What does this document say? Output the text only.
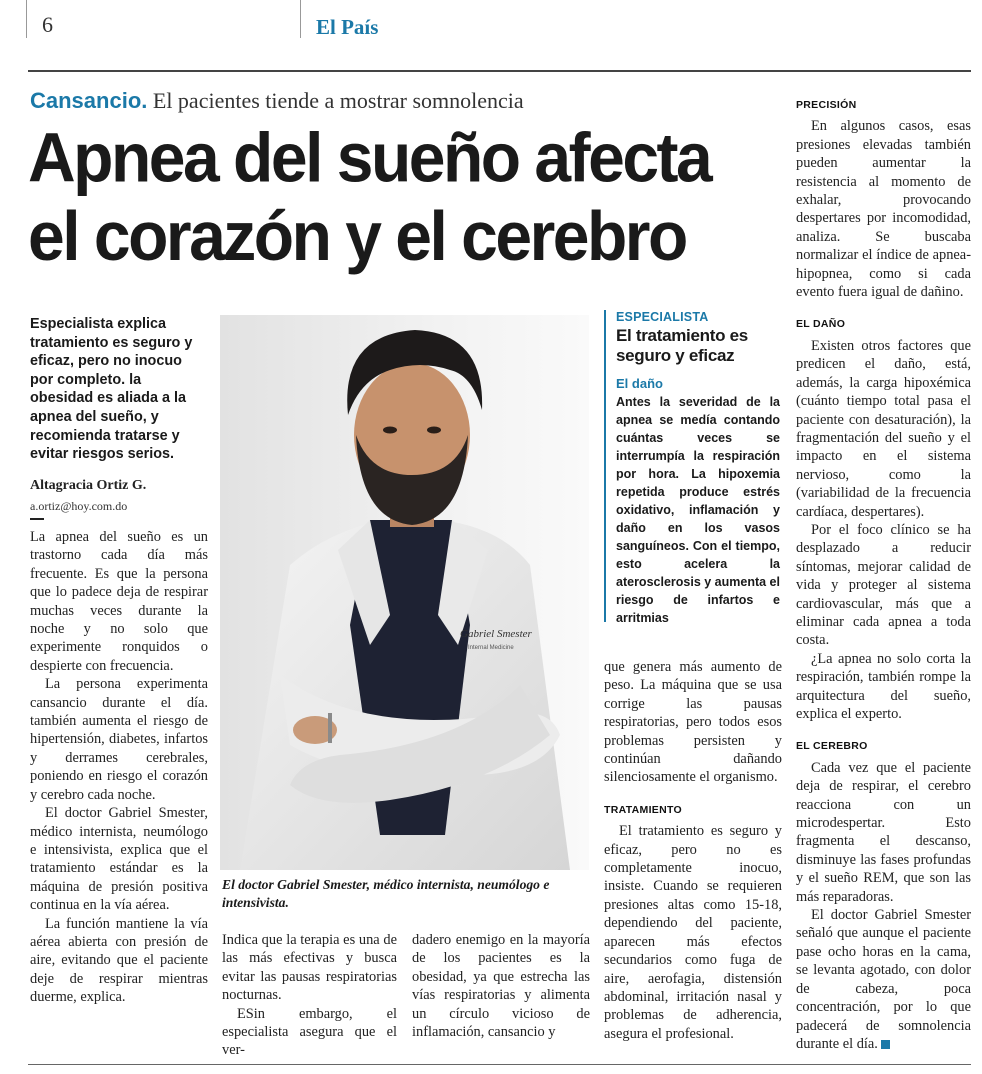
6	El País
Cansancio. El pacientes tiende a mostrar somnolencia
Apnea del sueño afecta
el corazón y el cerebro
Especialista explica tratamiento es seguro y eficaz, pero no inocuo por completo. la obesidad es aliada a la apnea del sueño, y recomienda tratarse y evitar riesgos serios.
Altagracia Ortiz G.
a.ortiz@hoy.com.do

La apnea del sueño es un trastorno cada día más frecuente. Es que la persona que lo padece deja de respirar muchas veces durante la noche y no solo que experimente ronquidos o despierte con frecuencia.

La persona experimenta cansancio durante el día. también aumenta el riesgo de hipertensión, diabetes, infartos y derrames cerebrales, poniendo en riesgo el corazón y cerebro cada noche.

El doctor Gabriel Smester, médico internista, neumólogo e intensivista, explica que el tratamiento estándar es la máquina de presión positiva continua en la vía aérea.

La función mantiene la vía aérea abierta con presión de aire, evitando que el paciente deje de respirar mientras duerme, explica.

Gabriel Smester
Internal Medicine
El doctor Gabriel Smester, médico internista, neumólogo e intensivista.

Indica que la terapia es una de las más efectivas y busca evitar las pausas respiratorias nocturnas.

ESin embargo, el especialista asegura que el ver-

dadero enemigo en la mayoría de los pacientes es la obesidad, ya que estrecha las vías respiratorias y alimenta un círculo vicioso de inflamación, cansancio y

ESPECIALISTA
El tratamiento es seguro y eficaz
El daño
Antes la severidad de la apnea se medía contando cuántas veces se interrumpía la respiración por hora. La hipoxemia repetida produce estrés oxidativo, inflamación y daño en los vasos sanguíneos. Con el tiempo, esto acelera la aterosclerosis y aumenta el riesgo de infartos e arritmias

que genera más aumento de peso. La máquina que se usa corrige las pausas respiratorias, pero todos esos problemas persisten y continúan dañando silenciosamente el organismo.

TRATAMIENTO

El tratamiento es seguro y eficaz, pero no es completamente inocuo, insiste. Cuando se requieren presiones altas como 15-18, dependiendo del paciente, aparecen más efectos secundarios como fuga de aire, aerofagia, distensión abdominal, irritación nasal y problemas de adherencia, asegura el profesional.

PRECISIÓN

En algunos casos, esas presiones elevadas también pueden aumentar la resistencia al momento de exhalar, provocando despertares por incomodidad, analiza. Se buscaba normalizar el índice de apnea-hipopnea, como si cada evento fuera igual de dañino.

EL DAÑO

Existen otros factores que predicen el daño, está, además, la carga hipoxémica (cuánto tiempo total pasa el paciente con desaturación), la fragmentación del sueño y el impacto en el sistema nervioso, como la (variabilidad de la frecuencia cardíaca, despertares).

Por el foco clínico se ha desplazado a reducir síntomas, mejorar calidad de vida y proteger al sistema cardiovascular, más que a eliminar cada apnea a toda costa.

¿La apnea no solo corta la respiración, también rompe la arquitectura del sueño, explica el experto.

EL CEREBRO

Cada vez que el paciente deja de respirar, el cerebro reacciona con un microdespertar. Esto fragmenta el descanso, disminuye las fases profundas y el sueño REM, que son las más reparadoras.

El doctor Gabriel Smester señaló que aunque el paciente pase ocho horas en la cama, se levanta agotado, con dolor de cabeza, poca concentración, por lo que padecerá de somnolencia durante el día.
